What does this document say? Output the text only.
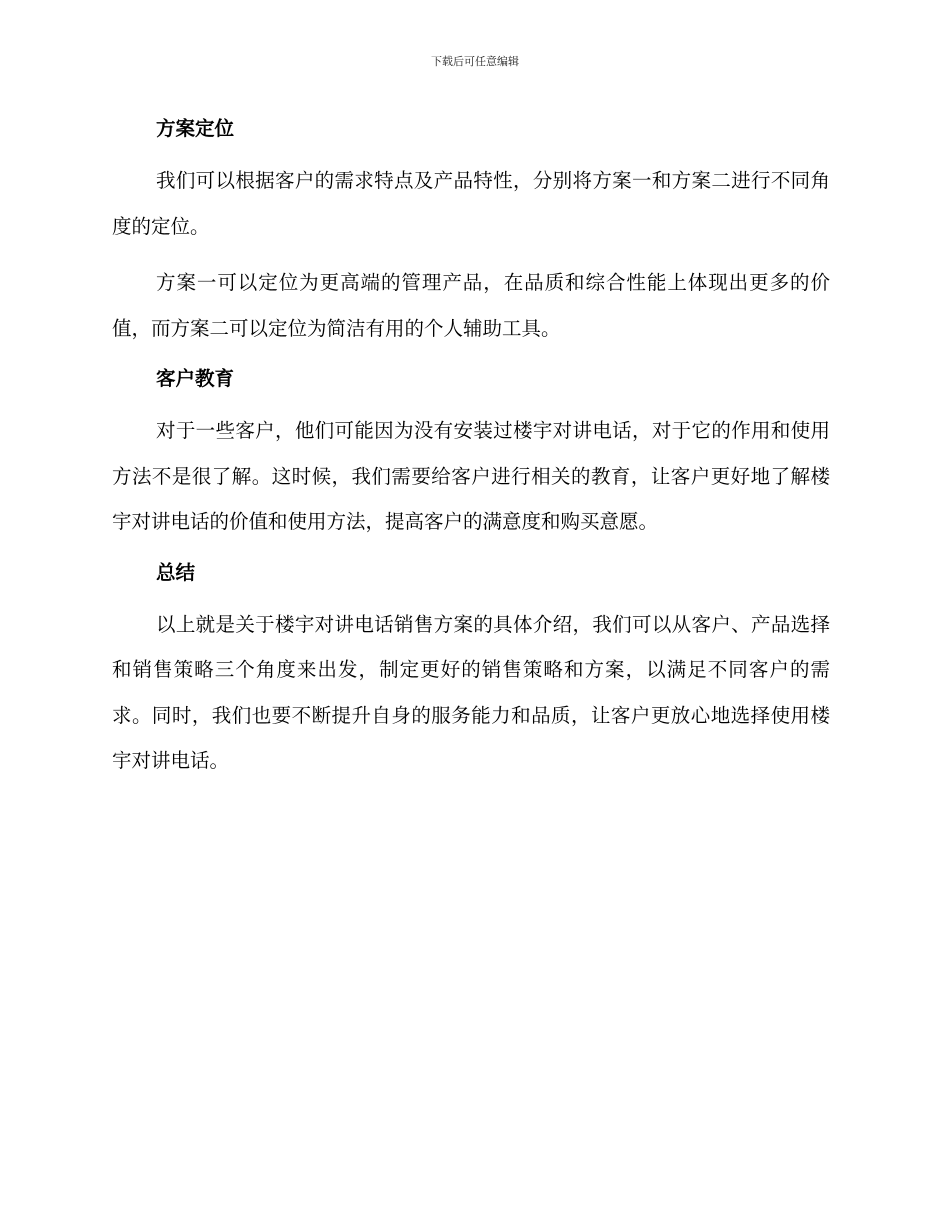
下载后可任意编辑
方案定位

我们可以根据客户的需求特点及产品特性，分别将方案一和方案二进行不同角度的定位。

方案一可以定位为更高端的管理产品，在品质和综合性能上体现出更多的价值，而方案二可以定位为简洁有用的个人辅助工具。

客户教育

对于一些客户，他们可能因为没有安装过楼宇对讲电话，对于它的作用和使用方法不是很了解。这时候，我们需要给客户进行相关的教育，让客户更好地了解楼宇对讲电话的价值和使用方法，提高客户的满意度和购买意愿。

总结

以上就是关于楼宇对讲电话销售方案的具体介绍，我们可以从客户、产品选择和销售策略三个角度来出发，制定更好的销售策略和方案，以满足不同客户的需求。同时，我们也要不断提升自身的服务能力和品质，让客户更放心地选择使用楼宇对讲电话。
